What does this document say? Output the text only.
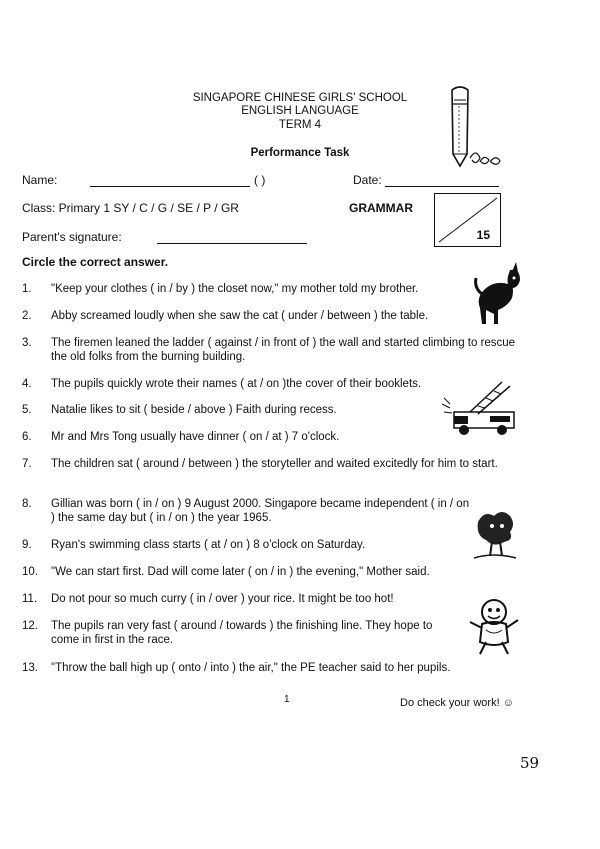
SINGAPORE CHINESE GIRLS' SCHOOL
ENGLISH LANGUAGE
TERM 4
Performance Task
Name:	( )	Date:
Class: Primary 1 SY / C / G / SE / P / GR	GRAMMAR
15
Parent's signature:
Circle the correct answer.
1.	"Keep your clothes ( in / by ) the closet now," my mother told my brother.
2.	Abby screamed loudly when she saw the cat ( under / between ) the table.
3.	The firemen leaned the ladder ( against / in front of ) the wall and started climbing to rescue the old folks from the burning building.
4.	The pupils quickly wrote their names ( at / on )the cover of their booklets.
5.	Natalie likes to sit ( beside / above ) Faith during recess.
6.	Mr and Mrs Tong usually have dinner ( on / at ) 7 o'clock.
7.	The children sat ( around / between ) the storyteller and waited excitedly for him to start.
8.	Gillian was born ( in / on ) 9 August 2000. Singapore became independent ( in / on ) the same day but ( in / on ) the year 1965.
9.	Ryan's swimming class starts ( at / on ) 8 o'clock on Saturday.
10.	"We can start first. Dad will come later ( on / in ) the evening," Mother said.
11.	Do not pour so much curry ( in / over ) your rice. It might be too hot!
12.	The pupils ran very fast ( around / towards ) the finishing line. They hope to come in first in the race.
13.	"Throw the ball high up ( onto / into ) the air," the PE teacher said to her pupils.
1	Do check your work! ☺
59
